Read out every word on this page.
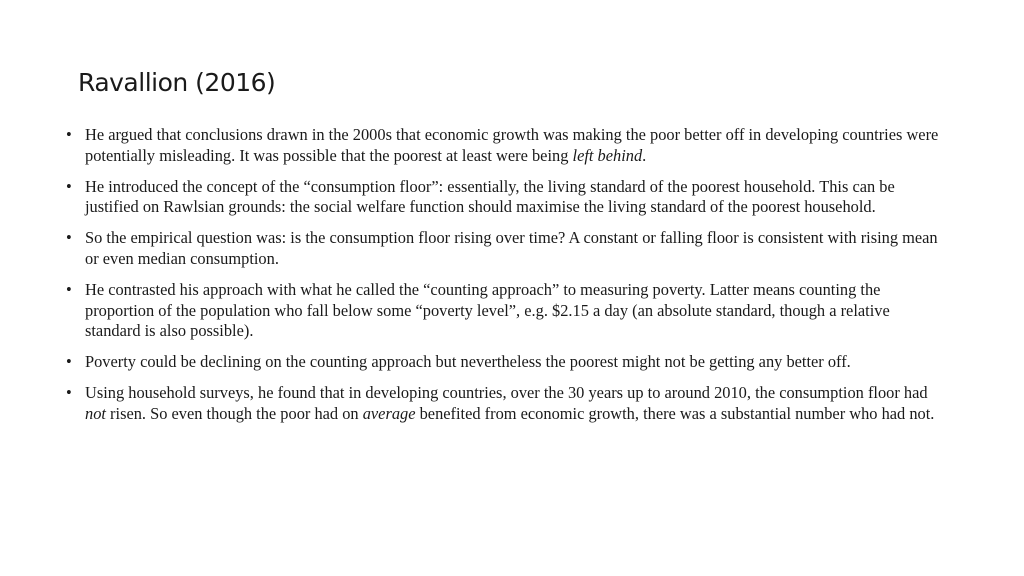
Ravallion (2016)
• He argued that conclusions drawn in the 2000s that economic growth was making the poor better off in developing countries were potentially misleading. It was possible that the poorest at least were being left behind.
• He introduced the concept of the “consumption floor”: essentially, the living standard of the poorest household. This can be justified on Rawlsian grounds: the social welfare function should maximise the living standard of the poorest household.
• So the empirical question was: is the consumption floor rising over time? A constant or falling floor is consistent with rising mean or even median consumption.
• He contrasted his approach with what he called the “counting approach” to measuring poverty. Latter means counting the proportion of the population who fall below some “poverty level”, e.g. $2.15 a day (an absolute standard, though a relative standard is also possible).
• Poverty could be declining on the counting approach but nevertheless the poorest might not be getting any better off.
• Using household surveys, he found that in developing countries, over the 30 years up to around 2010, the consumption floor had not risen. So even though the poor had on average benefited from economic growth, there was a substantial number who had not.
